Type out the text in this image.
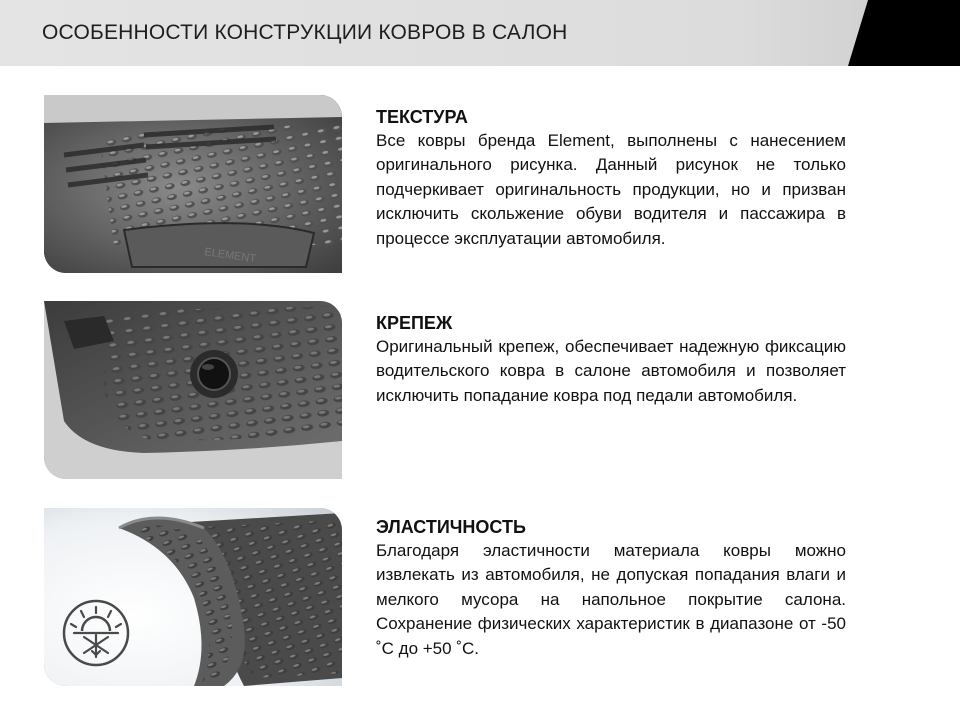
ОСОБЕННОСТИ КОНСТРУКЦИИ КОВРОВ В САЛОН
ELEMENT

ТЕКСТУРА

Все ковры бренда Element, выполнены с нанесением оригинального рисунка. Данный рисунок не только подчеркивает оригинальность продукции, но и призван исключить скольжение обуви водителя и пассажира в процессе эксплуатации автомобиля.

КРЕПЕЖ

Оригинальный крепеж, обеспечивает надежную фиксацию водительского ковра в салоне автомобиля и позволяет исключить попадание ковра под педали автомобиля.

ЭЛАСТИЧНОСТЬ

Благодаря эластичности материала ковры можно извлекать из автомобиля, не допуская попадания влаги и мелкого мусора на напольное покрытие салона. Сохранение физических характеристик в диапазоне от -50 ˚С до +50 ˚С.
